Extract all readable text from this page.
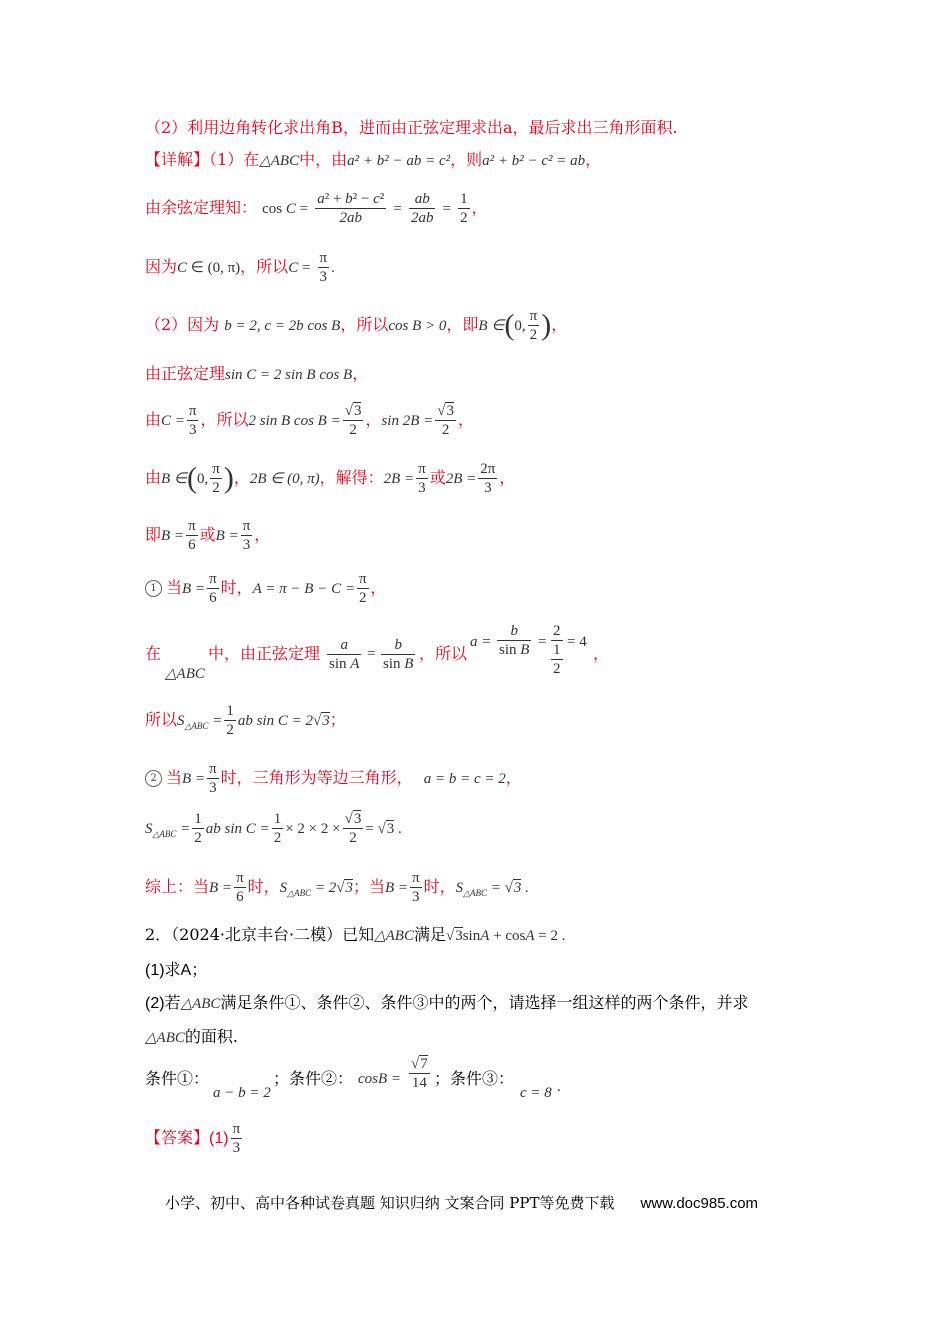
（2）利用边角转化求出角B，进而由正弦定理求出a，最后求出三角形面积.
【详解】（1）在△ABC中，由a² + b² − ab = c²，则a² + b² − c² = ab，
由余弦定理知： $\cos C = \frac{\text{a² + b² − c²}}{2ab} = \frac{ab}{2ab} = \frac{1}{2}$ ，
因为C ∈ (0, π)，所以$C = \frac{\pi}{3}$ .
（2）因为 b = 2, c = 2b cos B，所以cos B > 0，即B ∈(0, $\frac{\pi}{2}$ )，
由正弦定理sin C = 2 sin B cos B，
由$C = \frac{\pi}{3}$ ，所以2 sin B $\cos B = \frac{√3}{2}$ ，$\sin 2B = \frac{√3}{2}$ ，
由B ∈(0, $\frac{\pi}{2}$ )，2B ∈ (0, π)，解得：$2B = \frac{\pi}{3}$ 或$2B = \frac{2\pi}{3}$ ，
即$B = \frac{\pi}{6}$ 或$B = \frac{\pi}{3}$ ，
1 当$B = \frac{\pi}{6}$ 时，$A = \pi - B - C = \frac{\pi}{2}$ ，
在
△ABC
中，由正弦定理 $\frac{a}{\text{sin A}} = \frac{b}{\text{sin B}}$ ，所以
$a = \frac{b}{\text{sin B}}$ =
2
1
2
= 4
，
所以$S_{\triangle ABC} = \frac{1}{2}$ ab sin C = 2√3；
2 当$B = \frac{\pi}{3}$ 时，三角形为等边三角形， a = b = c = 2，
$S_{\triangle ABC} = \frac{1}{2}$ ab $\sin C = \frac{1}{2} \times 2 \times 2 \times \frac{√3}{2} = √3$ .
综上：当$B = \frac{\pi}{6}$ 时，$S_{\triangle ABC} = 2√3$；当$B = \frac{\pi}{3}$ 时，$S_{\triangle ABC} = √3$ .
2．（2024·北京丰台·二模）已知△ABC满足√3sinA + cosA = 2 .
(1)求A；
(2)若△ABC满足条件①、条件②、条件③中的两个，请选择一组这样的两个条件，并求
△ABC的面积.
条件①：
a − b = 2
；条件②： $\cos B = \frac{√7}{14}$ ；条件③：
c = 8 .
【答案】$(1) \frac{\pi}{3}$
小学、初中、高中各种试卷真题 知识归纳 文案合同 PPT等免费下载 www.doc985.com
